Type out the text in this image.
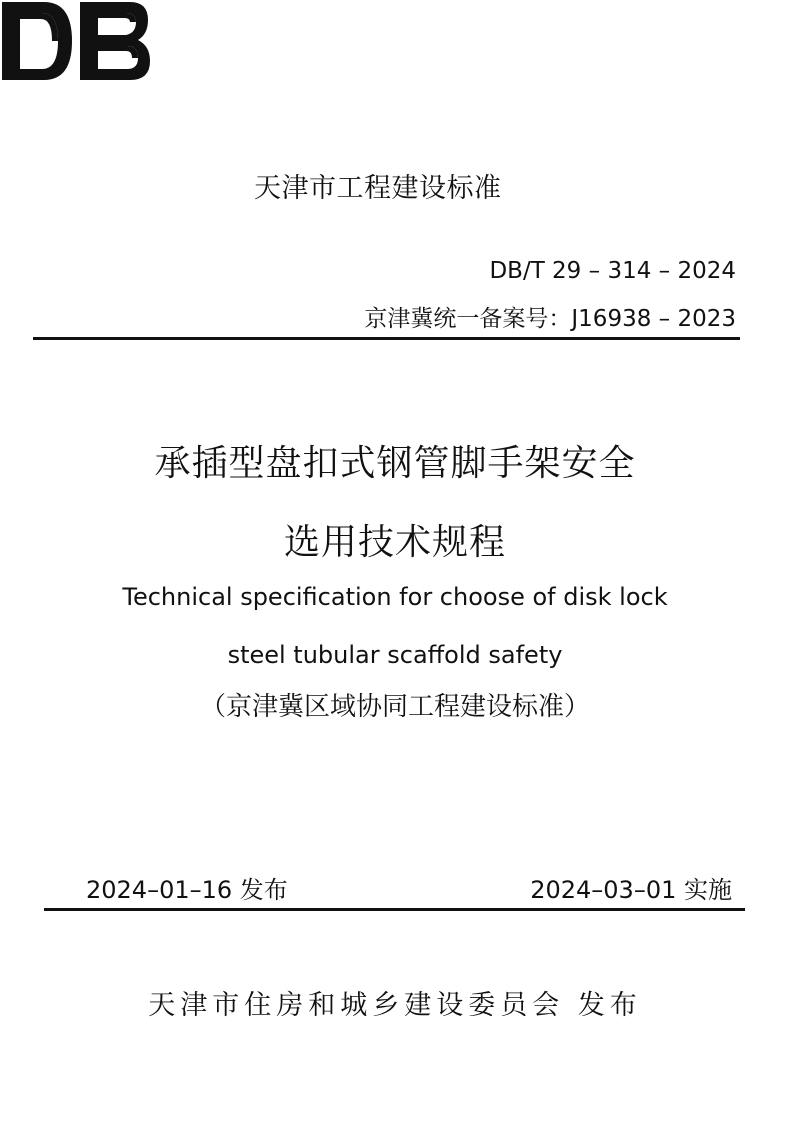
天津市工程建设标准
DB/T 29 – 314 – 2024
京津冀统一备案号：J16938 – 2023
承插型盘扣式钢管脚手架安全
选用技术规程
Technical specification for choose of disk lock
steel tubular scaffold safety
（京津冀区域协同工程建设标准）
2024–01–16 发布	2024–03–01 实施
天津市住房和城乡建设委员会 发布
